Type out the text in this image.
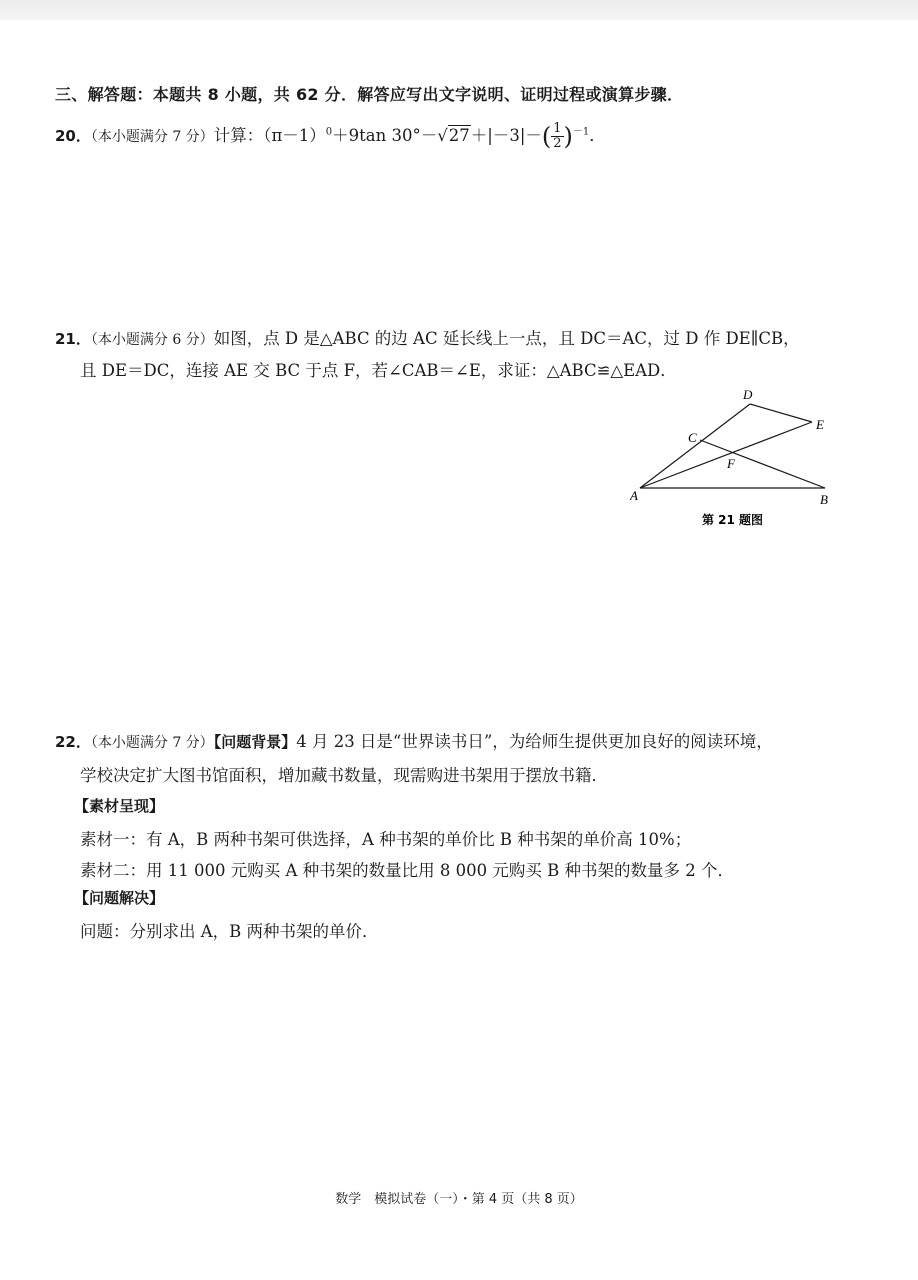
三、解答题：本题共 8 小题，共 62 分．解答应写出文字说明、证明过程或演算步骤．
20．（本小题满分 7 分）计算：$(\pi-1)^0+9\tan$ $30^\circ-√27+|-3|-( \frac{1}{2} )^{-1}$．
21．（本小题满分 6 分）如图，点 D 是△ABC 的边 AC 延长线上一点，且 DC＝AC，过 D 作 DE∥CB，
且 DE＝DC，连接 AE 交 BC 于点 F，若∠CAB＝∠E，求证：△ABC≌△EAD．
D
E
C
F
A	B
第 21 题图
22．（本小题满分 7 分）【问题背景】4 月 23 日是“世界读书日”，为给师生提供更加良好的阅读环境，
学校决定扩大图书馆面积，增加藏书数量，现需购进书架用于摆放书籍．
【素材呈现】
素材一：有 A，B 两种书架可供选择，A 种书架的单价比 B 种书架的单价高 10%；
素材二：用 11 000 元购买 A 种书架的数量比用 8 000 元购买 B 种书架的数量多 2 个．
【问题解决】
问题：分别求出 A，B 两种书架的单价．
数学　模拟试卷（一）・第 4 页（共 8 页）
